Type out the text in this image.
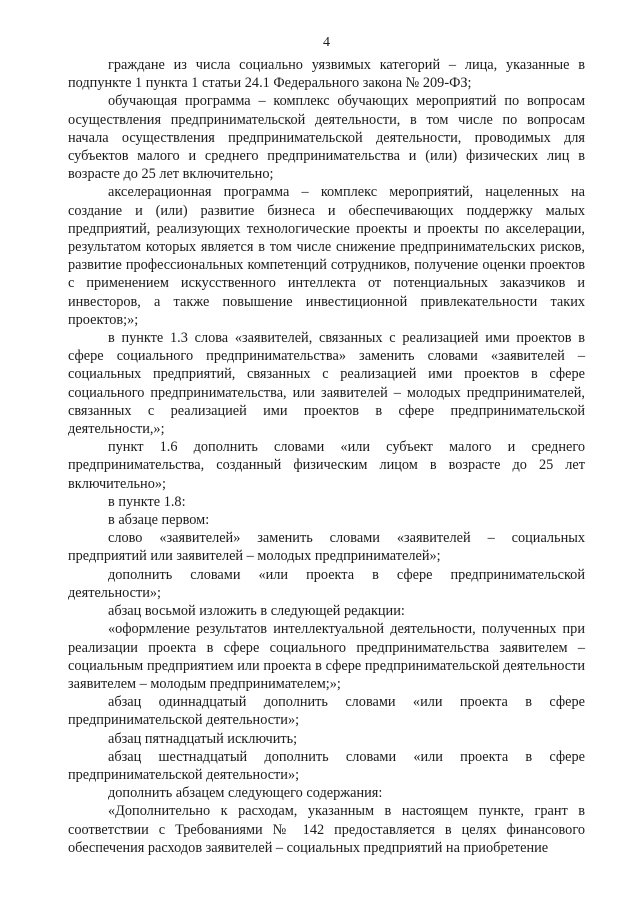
4

граждане из числа социально уязвимых категорий – лица, указанные в подпункте 1 пункта 1 статьи 24.1 Федерального закона № 209-ФЗ;

обучающая программа – комплекс обучающих мероприятий по вопросам осуществления предпринимательской деятельности, в том числе по вопросам начала осуществления предпринимательской деятельности, проводимых для субъектов малого и среднего предпринимательства и (или) физических лиц в возрасте до 25 лет включительно;

акселерационная программа – комплекс мероприятий, нацеленных на создание и (или) развитие бизнеса и обеспечивающих поддержку малых предприятий, реализующих технологические проекты и проекты по акселерации, результатом которых является в том числе снижение предпринимательских рисков, развитие профессиональных компетенций сотрудников, получение оценки проектов с применением искусственного интеллекта от потенциальных заказчиков и инвесторов, а также повышение инвестиционной привлекательности таких проектов;»;

в пункте 1.3 слова «заявителей, связанных с реализацией ими проектов в сфере социального предпринимательства» заменить словами «заявителей – социальных предприятий, связанных с реализацией ими проектов в сфере социального предпринимательства, или заявителей – молодых предпринимателей, связанных с реализацией ими проектов в сфере предпринимательской деятельности,»;

пункт 1.6 дополнить словами «или субъект малого и среднего предпринимательства, созданный физическим лицом в возрасте до 25 лет включительно»;

в пункте 1.8:

в абзаце первом:

слово «заявителей» заменить словами «заявителей – социальных предприятий или заявителей – молодых предпринимателей»;

дополнить словами «или проекта в сфере предпринимательской деятельности»;

абзац восьмой изложить в следующей редакции:

«оформление результатов интеллектуальной деятельности, полученных при реализации проекта в сфере социального предпринимательства заявителем – социальным предприятием или проекта в сфере предпринимательской деятельности заявителем – молодым предпринимателем;»;

абзац одиннадцатый дополнить словами «или проекта в сфере предпринимательской деятельности»;

абзац пятнадцатый исключить;

абзац шестнадцатый дополнить словами «или проекта в сфере предпринимательской деятельности»;

дополнить абзацем следующего содержания:

«Дополнительно к расходам, указанным в настоящем пункте, грант в соответствии с Требованиями № 142 предоставляется в целях финансового обеспечения расходов заявителей – социальных предприятий на приобретение
